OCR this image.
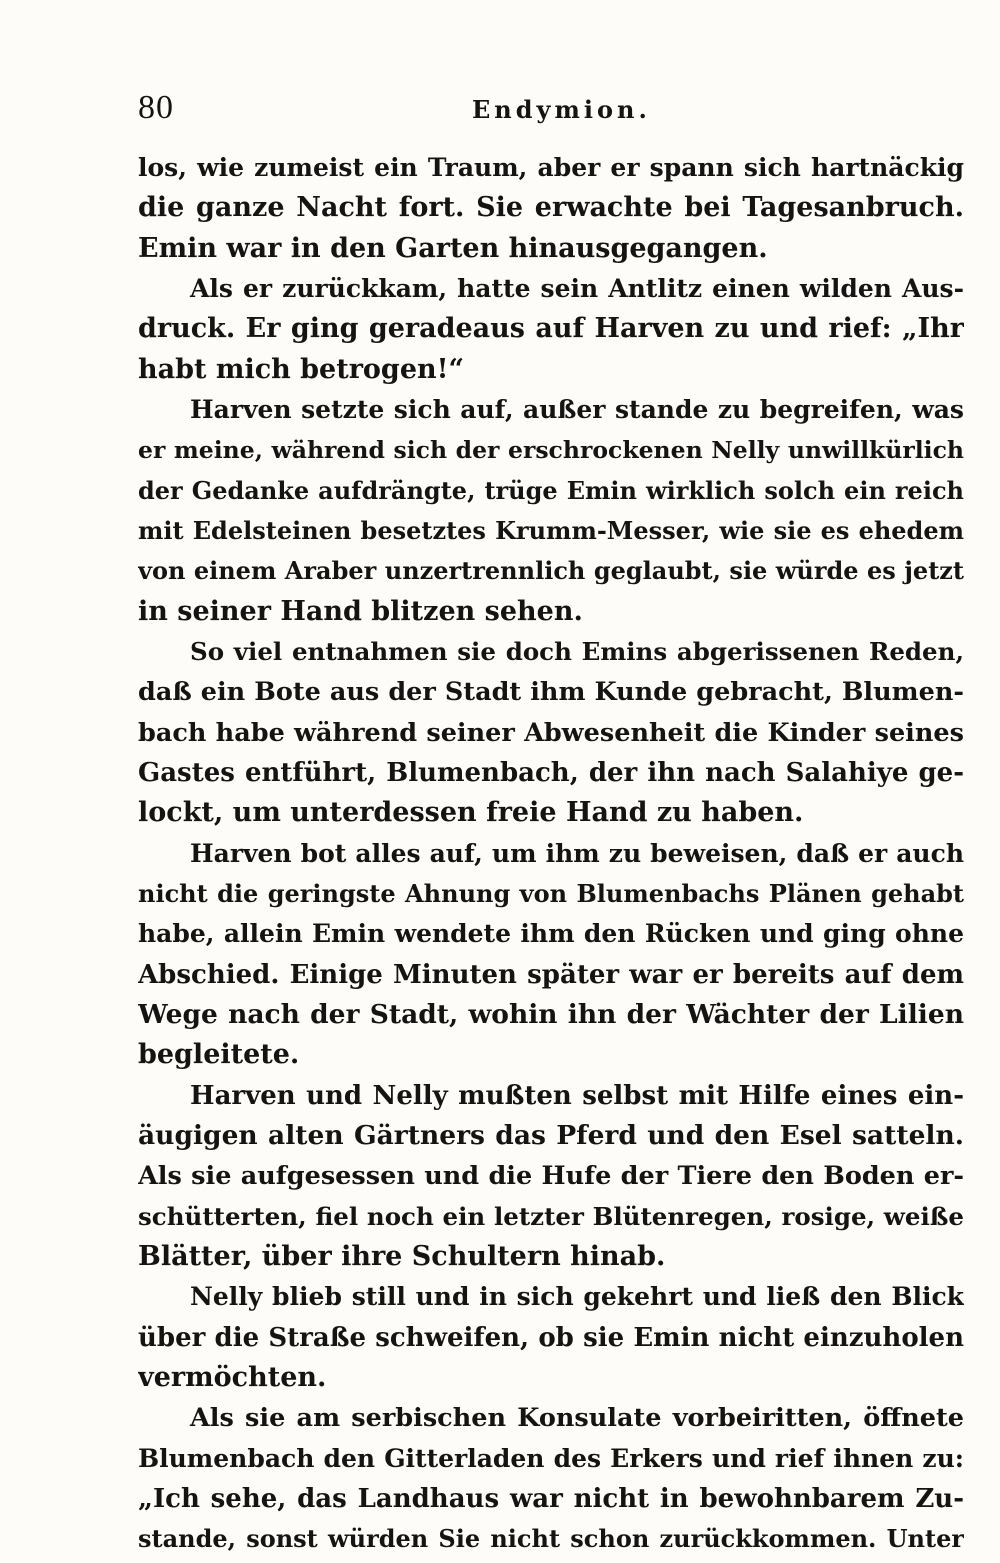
80	Endymion.
los, wie zumeist ein Traum, aber er spann sich hartnäckig
die ganze Nacht fort. Sie erwachte bei Tagesanbruch.
Emin war in den Garten hinausgegangen.
Als er zurückkam, hatte sein Antlitz einen wilden Aus-
druck. Er ging geradeaus auf Harven zu und rief: „Ihr
habt mich betrogen!“
Harven setzte sich auf, außer stande zu begreifen, was
er meine, während sich der erschrockenen Nelly unwillkürlich
der Gedanke aufdrängte, trüge Emin wirklich solch ein reich
mit Edelsteinen besetztes Krumm-Messer, wie sie es ehedem
von einem Araber unzertrennlich geglaubt, sie würde es jetzt
in seiner Hand blitzen sehen.
So viel entnahmen sie doch Emins abgerissenen Reden,
daß ein Bote aus der Stadt ihm Kunde gebracht, Blumen-
bach habe während seiner Abwesenheit die Kinder seines
Gastes entführt, Blumenbach, der ihn nach Salahiye ge-
lockt, um unterdessen freie Hand zu haben.
Harven bot alles auf, um ihm zu beweisen, daß er auch
nicht die geringste Ahnung von Blumenbachs Plänen gehabt
habe, allein Emin wendete ihm den Rücken und ging ohne
Abschied. Einige Minuten später war er bereits auf dem
Wege nach der Stadt, wohin ihn der Wächter der Lilien
begleitete.
Harven und Nelly mußten selbst mit Hilfe eines ein-
äugigen alten Gärtners das Pferd und den Esel satteln.
Als sie aufgesessen und die Hufe der Tiere den Boden er-
schütterten, fiel noch ein letzter Blütenregen, rosige, weiße
Blätter, über ihre Schultern hinab.
Nelly blieb still und in sich gekehrt und ließ den Blick
über die Straße schweifen, ob sie Emin nicht einzuholen
vermöchten.
Als sie am serbischen Konsulate vorbeiritten, öffnete
Blumenbach den Gitterladen des Erkers und rief ihnen zu:
„Ich sehe, das Landhaus war nicht in bewohnbarem Zu-
stande, sonst würden Sie nicht schon zurückkommen. Unter
